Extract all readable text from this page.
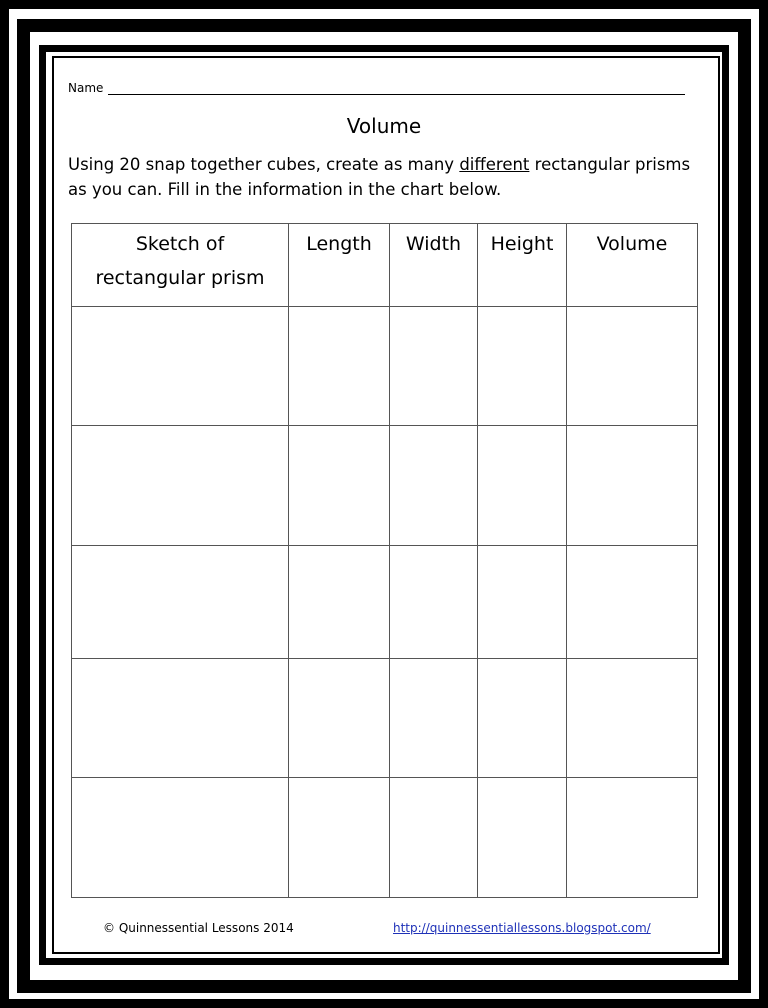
Name
Volume
Using 20 snap together cubes, create as many different rectangular prisms as you can. Fill in the information in the chart below.
Sketch of rectangular prism	Length	Width	Height	Volume

© Quinnessential Lessons 2014	http://quinnessentiallessons.blogspot.com/
